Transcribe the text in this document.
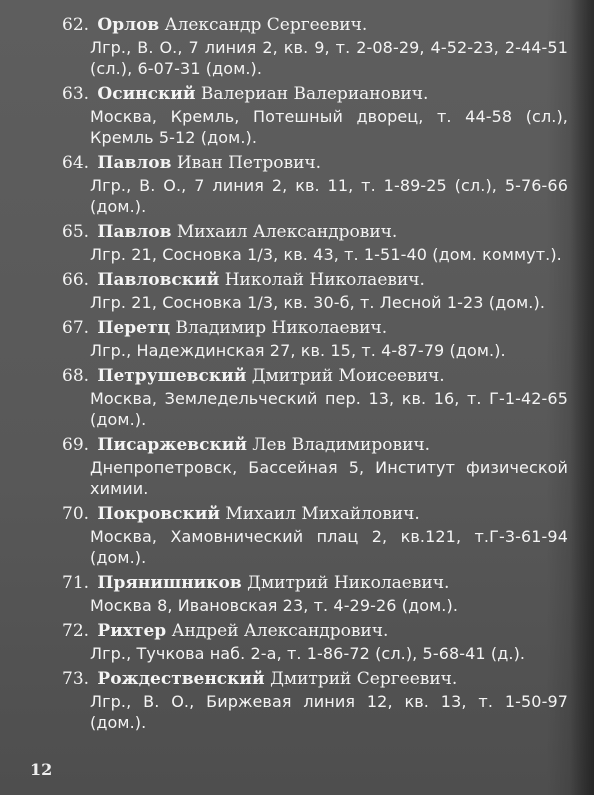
62. Орлов Александр Сергеевич.
Лгр., В. О., 7 линия 2, кв. 9, т. 2-08-29, 4-52-23, 2-44-51 (сл.), 6-07-31 (дом.).
63. Осинский Валериан Валерианович.
Москва, Кремль, Потешный дворец, т. 44-58 (сл.), Кремль 5-12 (дом.).
64. Павлов Иван Петрович.
Лгр., В. О., 7 линия 2, кв. 11, т. 1-89-25 (сл.), 5-76-66 (дом.).
65. Павлов Михаил Александрович.
Лгр. 21, Сосновка 1/3, кв. 43, т. 1-51-40 (дом. коммут.).
66. Павловский Николай Николаевич.
Лгр. 21, Сосновка 1/3, кв. 30-б, т. Лесной 1-23 (дом.).
67. Перетц Владимир Николаевич.
Лгр., Надеждинская 27, кв. 15, т. 4-87-79 (дом.).
68. Петрушевский Дмитрий Моисеевич.
Москва, Земледельческий пер. 13, кв. 16, т. Г-1-42-65 (дом.).
69. Писаржевский Лев Владимирович.
Днепропетровск, Бассейная 5, Институт физической химии.
70. Покровский Михаил Михайлович.
Москва, Хамовнический плац 2, кв.121, т.Г-3-61-94 (дом.).
71. Прянишников Дмитрий Николаевич.
Москва 8, Ивановская 23, т. 4-29-26 (дом.).
72. Рихтер Андрей Александрович.
Лгр., Тучкова наб. 2-а, т. 1-86-72 (сл.), 5-68-41 (д.).
73. Рождественский Дмитрий Сергеевич.
Лгр., В. О., Биржевая линия 12, кв. 13, т. 1-50-97 (дом.).
12
